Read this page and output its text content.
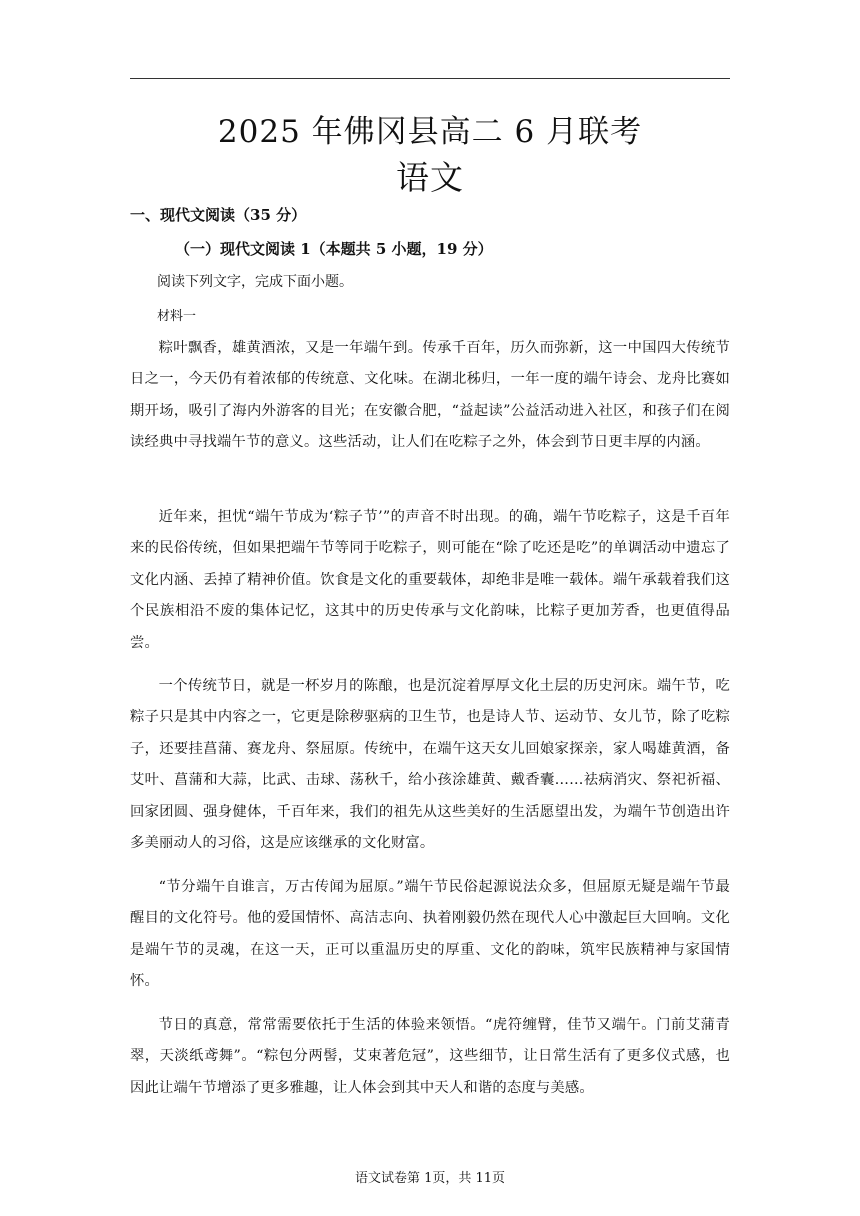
2025 年佛冈县高二 6 月联考
语文
一、现代文阅读（35 分）
（一）现代文阅读 1（本题共 5 小题，19 分）
阅读下列文字，完成下面小题。
材料一

粽叶飘香，雄黄酒浓，又是一年端午到。传承千百年，历久而弥新，这一中国四大传统节日之一，今天仍有着浓郁的传统意、文化味。在湖北秭归，一年一度的端午诗会、龙舟比赛如期开场，吸引了海内外游客的目光；在安徽合肥，“益起读”公益活动进入社区，和孩子们在阅读经典中寻找端午节的意义。这些活动，让人们在吃粽子之外，体会到节日更丰厚的内涵。

近年来，担忧“端午节成为‘粽子节’”的声音不时出现。的确，端午节吃粽子，这是千百年来的民俗传统，但如果把端午节等同于吃粽子，则可能在“除了吃还是吃”的单调活动中遗忘了文化内涵、丢掉了精神价值。饮食是文化的重要载体，却绝非是唯一载体。端午承载着我们这个民族相沿不废的集体记忆，这其中的历史传承与文化韵味，比粽子更加芳香，也更值得品尝。

一个传统节日，就是一杯岁月的陈酿，也是沉淀着厚厚文化土层的历史河床。端午节，吃粽子只是其中内容之一，它更是除秽驱病的卫生节，也是诗人节、运动节、女儿节，除了吃粽子，还要挂菖蒲、赛龙舟、祭屈原。传统中，在端午这天女儿回娘家探亲，家人喝雄黄酒，备艾叶、菖蒲和大蒜，比武、击球、荡秋千，给小孩涂雄黄、戴香囊……祛病消灾、祭祀祈福、回家团圆、强身健体，千百年来，我们的祖先从这些美好的生活愿望出发，为端午节创造出许多美丽动人的习俗，这是应该继承的文化财富。

“节分端午自谁言，万古传闻为屈原。”端午节民俗起源说法众多，但屈原无疑是端午节最醒目的文化符号。他的爱国情怀、高洁志向、执着刚毅仍然在现代人心中激起巨大回响。文化是端午节的灵魂，在这一天，正可以重温历史的厚重、文化的韵味，筑牢民族精神与家国情怀。

节日的真意，常常需要依托于生活的体验来领悟。“虎符缠臂，佳节又端午。门前艾蒲青翠，天淡纸鸢舞”。“粽包分两髻，艾束著危冠”，这些细节，让日常生活有了更多仪式感，也因此让端午节增添了更多雅趣，让人体会到其中天人和谐的态度与美感。

语文试卷第 1页，共 11页
